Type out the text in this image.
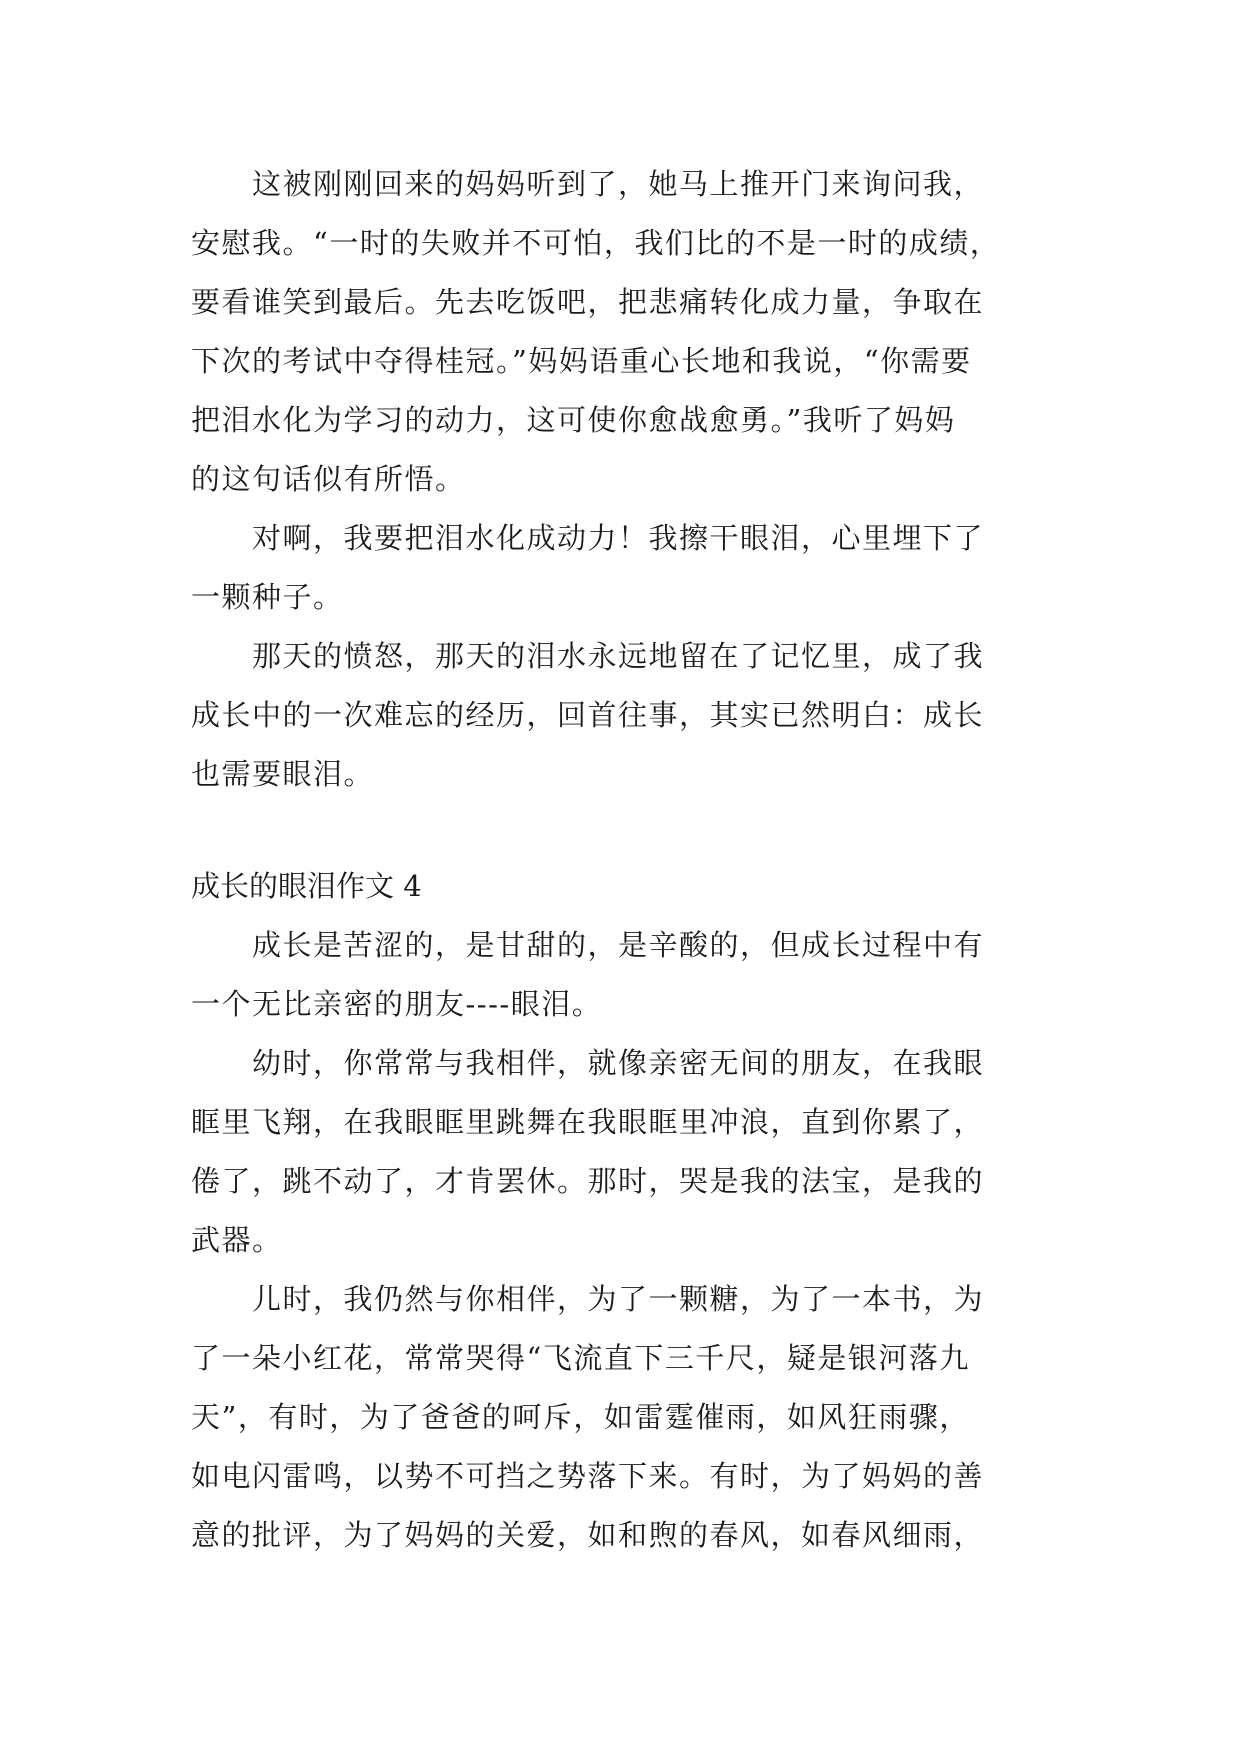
　　这被刚刚回来的妈妈听到了，她马上推开门来询问我，
安慰我。“一时的失败并不可怕，我们比的不是一时的成绩，
要看谁笑到最后。先去吃饭吧，把悲痛转化成力量，争取在
下次的考试中夺得桂冠。”妈妈语重心长地和我说，“你需要
把泪水化为学习的动力，这可使你愈战愈勇。”我听了妈妈
的这句话似有所悟。
　　对啊，我要把泪水化成动力！我擦干眼泪，心里埋下了
一颗种子。
　　那天的愤怒，那天的泪水永远地留在了记忆里，成了我
成长中的一次难忘的经历，回首往事，其实已然明白：成长
也需要眼泪。
成长的眼泪作文 4
　　成长是苦涩的，是甘甜的，是辛酸的，但成长过程中有
一个无比亲密的朋友----眼泪。
　　幼时，你常常与我相伴，就像亲密无间的朋友，在我眼
眶里飞翔，在我眼眶里跳舞在我眼眶里冲浪，直到你累了，
倦了，跳不动了，才肯罢休。那时，哭是我的法宝，是我的
武器。
　　儿时，我仍然与你相伴，为了一颗糖，为了一本书，为
了一朵小红花，常常哭得“飞流直下三千尺，疑是银河落九
天”，有时，为了爸爸的呵斥，如雷霆催雨，如风狂雨骤，
如电闪雷鸣，以势不可挡之势落下来。有时，为了妈妈的善
意的批评，为了妈妈的关爱，如和煦的春风，如春风细雨，
